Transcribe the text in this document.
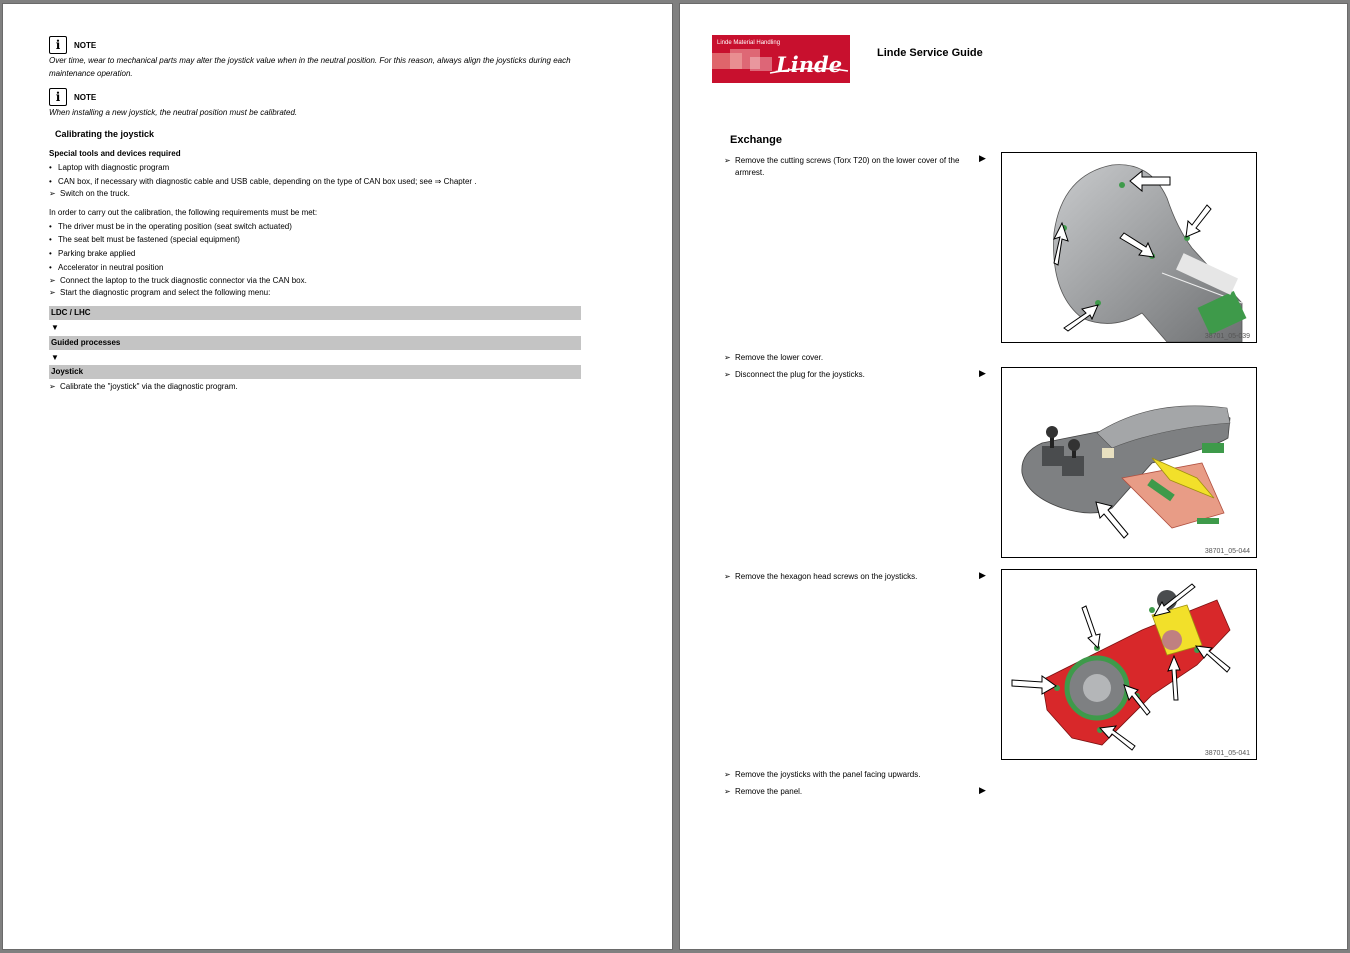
i NOTE
Over time, wear to mechanical parts may alter the joystick value when in the neutral position. For this reason, always align the joysticks during each
maintenance operation.
i NOTE
When installing a new joystick, the neutral position must be calibrated.
Calibrating the joystick
Special tools and devices required
• Laptop with diagnostic program
• CAN box, if necessary with diagnostic cable and USB cable, depending on the type of CAN box used; see ⇒ Chapter .
➢ Switch on the truck.
In order to carry out the calibration, the following requirements must be met:
• The driver must be in the operating position (seat switch actuated)
• The seat belt must be fastened (special equipment)
• Parking brake applied
• Accelerator in neutral position
➢ Connect the laptop to the truck diagnostic connector via the CAN box.
➢ Start the diagnostic program and select the following menu:
LDC / LHC
▼
Guided processes
▼
Joystick
➢ Calibrate the "joystick" via the diagnostic program.
Linde Material Handling
Linde	Linde Service Guide
Exchange
➢ Remove the cutting screws (Torx T20) on the lower cover of the
armrest.
▶
38701_05-039
➢ Remove the lower cover.
➢ Disconnect the plug for the joysticks.	▶
38701_05-044
➢ Remove the hexagon head screws on the joysticks.	▶
38701_05-041
➢ Remove the joysticks with the panel facing upwards.
➢ Remove the panel.	▶
